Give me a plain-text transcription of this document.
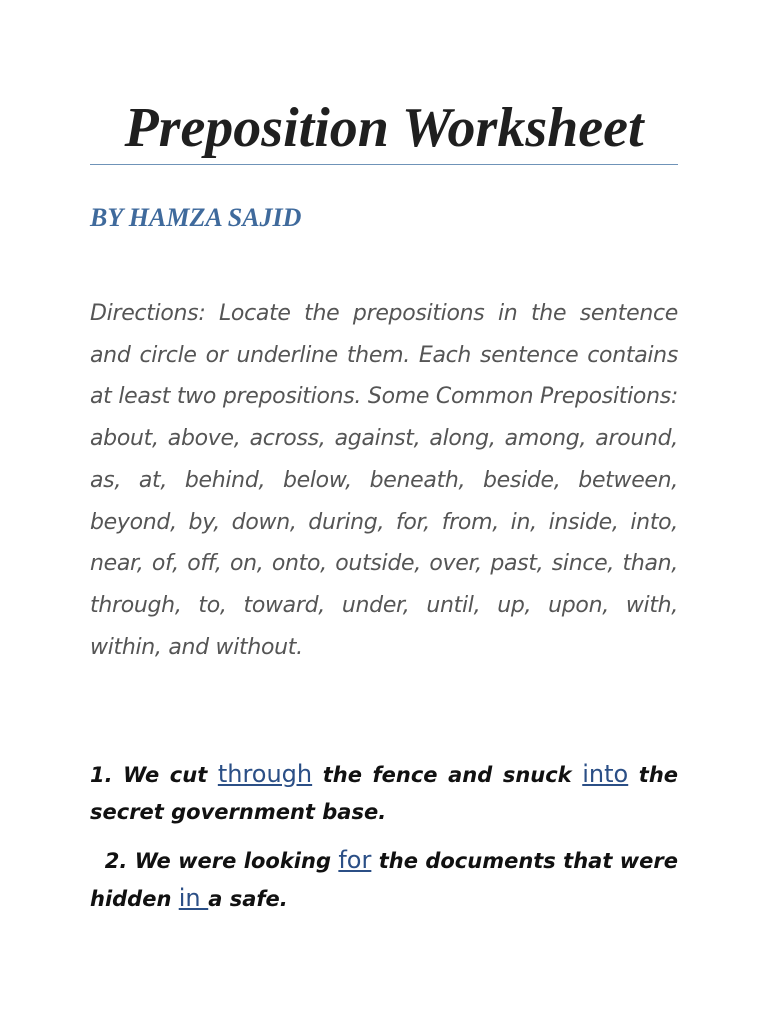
Preposition Worksheet

BY HAMZA SAJID

Directions: Locate the prepositions in the sentence and circle or underline them. Each sentence contains at least two prepositions. Some Common Prepositions: about, above, across, against, along, among, around, as, at, behind, below, beneath, beside, between, beyond, by, down, during, for, from, in, inside, into, near, of, off, on, onto, outside, over, past, since, than, through, to, toward, under, until, up, upon, with, within, and without.

1. We cut through the fence and snuck into the secret government base.

2. We were looking for the documents that were hidden in a safe.
